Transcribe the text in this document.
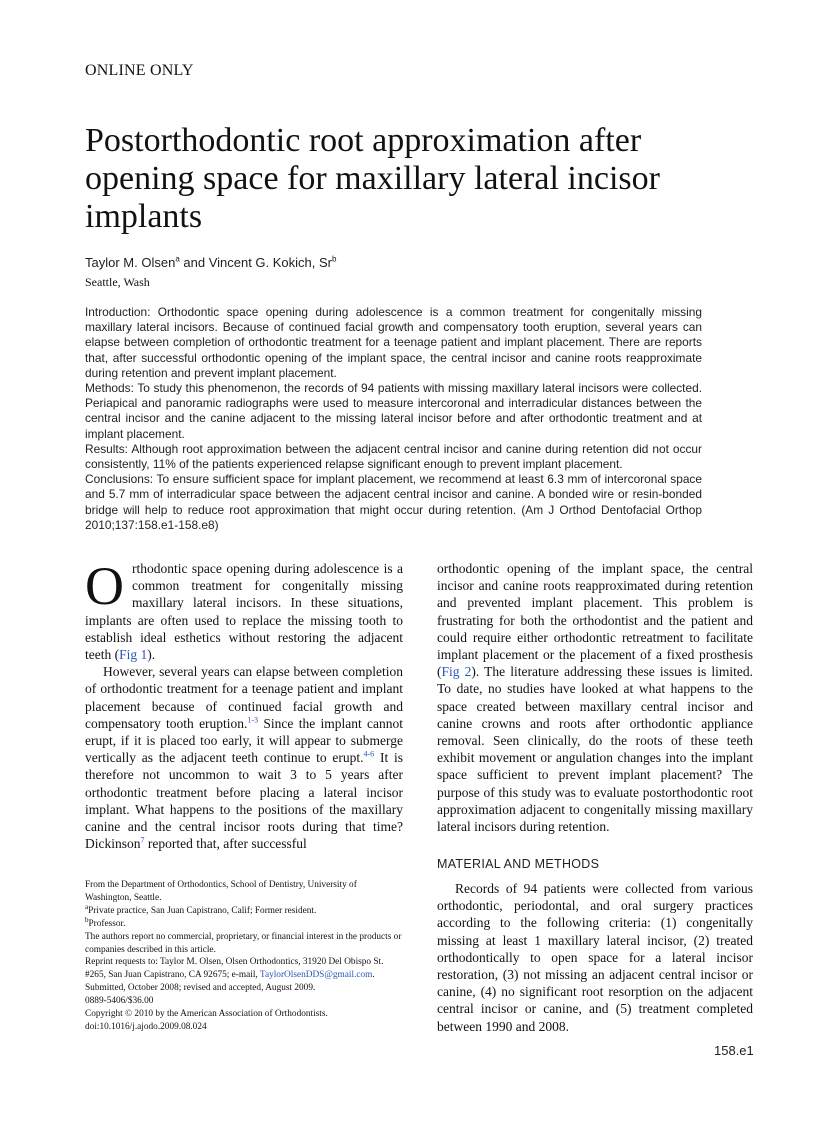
ONLINE ONLY
Postorthodontic root approximation after opening space for maxillary lateral incisor implants
Taylor M. Olsen$^a$ and Vincent G. Kokich, Sr$^b$
Seattle, Wash

Introduction: Orthodontic space opening during adolescence is a common treatment for congenitally missing maxillary lateral incisors. Because of continued facial growth and compensatory tooth eruption, several years can elapse between completion of orthodontic treatment for a teenage patient and implant placement. There are reports that, after successful orthodontic opening of the implant space, the central incisor and canine roots reapproximate during retention and prevent implant placement.

Methods: To study this phenomenon, the records of 94 patients with missing maxillary lateral incisors were collected. Periapical and panoramic radiographs were used to measure intercoronal and interradicular distances between the central incisor and the canine adjacent to the missing lateral incisor before and after orthodontic treatment and at implant placement.

Results: Although root approximation between the adjacent central incisor and canine during retention did not occur consistently, 11% of the patients experienced relapse significant enough to prevent implant placement.

Conclusions: To ensure sufficient space for implant placement, we recommend at least 6.3 mm of intercoronal space and 5.7 mm of interradicular space between the adjacent central incisor and canine. A bonded wire or resin-bonded bridge will help to reduce root approximation that might occur during retention. (Am J Orthod Dentofacial Orthop 2010;137:158.e1-158.e8)

Orthodontic space opening during adolescence is a common treatment for congenitally missing maxillary lateral incisors. In these situations, implants are often used to replace the missing tooth to establish ideal esthetics without restoring the adjacent teeth (Fig 1).

However, several years can elapse between completion of orthodontic treatment for a teenage patient and implant placement because of continued facial growth and compensatory tooth eruption.$^{1-3}$ Since the implant cannot erupt, if it is placed too early, it will appear to submerge vertically as the adjacent teeth continue to erupt.$^{4-6}$ It is therefore not uncommon to wait 3 to 5 years after orthodontic treatment before placing a lateral incisor implant. What happens to the positions of the maxillary canine and the central incisor roots during that time? Dickinson$^7$ reported that, after successful

orthodontic opening of the implant space, the central incisor and canine roots reapproximated during retention and prevented implant placement. This problem is frustrating for both the orthodontist and the patient and could require either orthodontic retreatment to facilitate implant placement or the placement of a fixed prosthesis (Fig 2). The literature addressing these issues is limited. To date, no studies have looked at what happens to the space created between maxillary central incisor and canine crowns and roots after orthodontic appliance removal. Seen clinically, do the roots of these teeth exhibit movement or angulation changes into the implant space sufficient to prevent implant placement? The purpose of this study was to evaluate postorthodontic root approximation adjacent to congenitally missing maxillary lateral incisors during retention.

MATERIAL AND METHODS

Records of 94 patients were collected from various orthodontic, periodontal, and oral surgery practices according to the following criteria: (1) congenitally missing at least 1 maxillary lateral incisor, (2) treated orthodontically to open space for a lateral incisor restoration, (3) not missing an adjacent central incisor or canine, (4) no significant root resorption on the adjacent central incisor or canine, and (5) treatment completed between 1990 and 2008.

From the Department of Orthodontics, School of Dentistry, University of Washington, Seattle.
$^a$Private practice, San Juan Capistrano, Calif; Former resident.
$^b$Professor.
The authors report no commercial, proprietary, or financial interest in the products or companies described in this article.
Reprint requests to: Taylor M. Olsen, Olsen Orthodontics, 31920 Del Obispo St. #265, San Juan Capistrano, CA 92675; e-mail, TaylorOlsenDDS@gmail.com.
Submitted, October 2008; revised and accepted, August 2009.
0889-5406/$36.00
Copyright © 2010 by the American Association of Orthodontists.
doi:10.1016/j.ajodo.2009.08.024
158.e1
